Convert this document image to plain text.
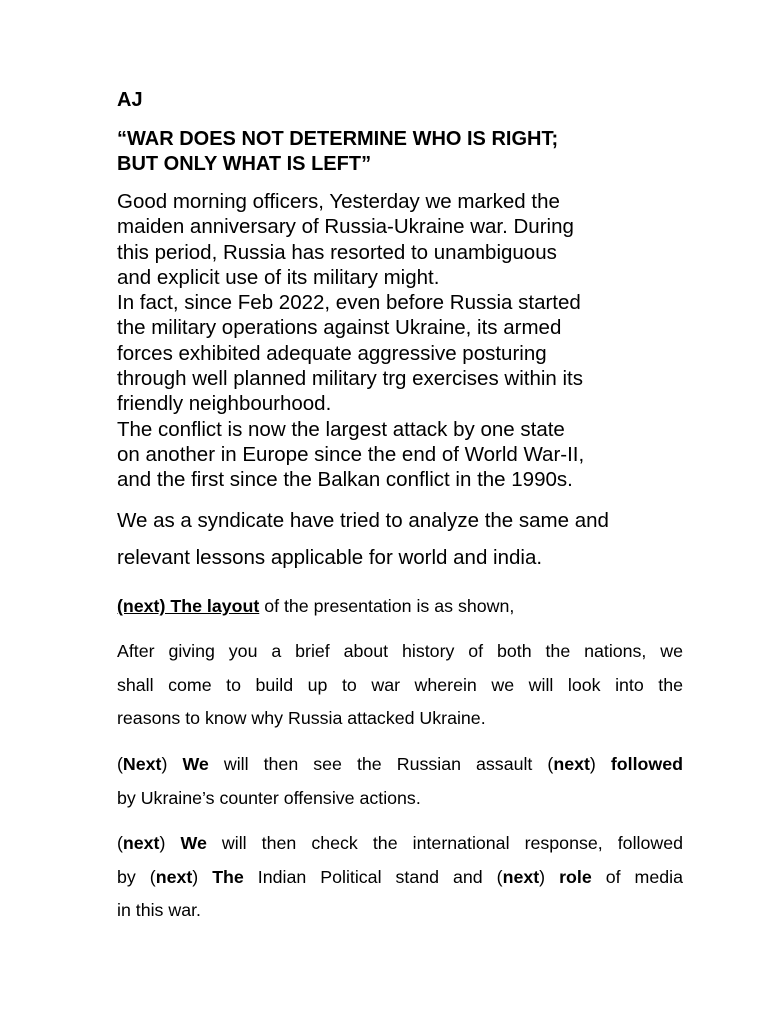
AJ

“WAR DOES NOT DETERMINE WHO IS RIGHT;
BUT ONLY WHAT IS LEFT”

Good morning officers, Yesterday we marked the
maiden anniversary of Russia-Ukraine war. During
this period, Russia has resorted to unambiguous
and explicit use of its military might.
In fact, since Feb 2022, even before Russia started
the military operations against Ukraine, its armed
forces exhibited adequate aggressive posturing
through well planned military trg exercises within its
friendly neighbourhood.
The conflict is now the largest attack by one state
on another in Europe since the end of World War-II,
and the first since the Balkan conflict in the 1990s.

We as a syndicate have tried to analyze the same and
relevant lessons applicable for world and india.

(next) The layout of the presentation is as shown,

After giving you a brief about history of both the nations, we
shall come to build up to war wherein we will look into the
reasons to know why Russia attacked Ukraine.

(Next) We will then see the Russian assault (next) followed
by Ukraine’s counter offensive actions.

(next) We will then check the international response, followed
by (next) The Indian Political stand and (next) role of media
in this war.
